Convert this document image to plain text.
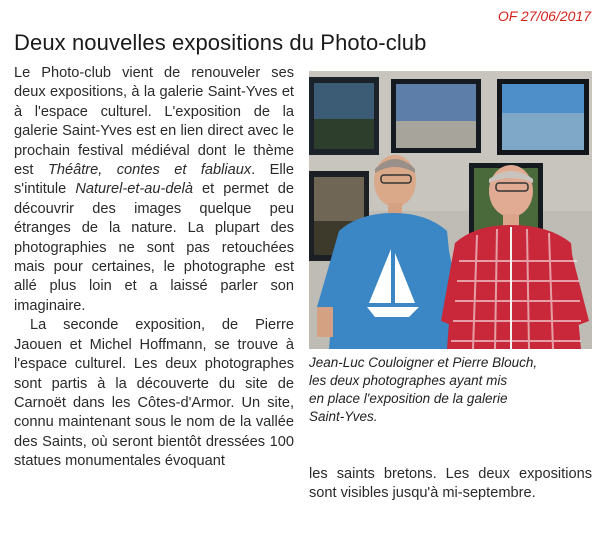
OF 27/06/2017
Deux nouvelles expositions du Photo-club

Le Photo-club vient de renouveler ses deux expositions, à la galerie Saint-Yves et à l'espace culturel. L'exposition de la galerie Saint-Yves est en lien direct avec le prochain festival médiéval dont le thème est Théâtre, contes et fabliaux. Elle s'intitule Naturel-et-au-delà et permet de découvrir des images quelque peu étranges de la nature. La plupart des photographies ne sont pas retouchées mais pour certaines, le photographe est allé plus loin et a laissé parler son imaginaire.

La seconde exposition, de Pierre Jaouen et Michel Hoffmann, se trouve à l'espace culturel. Les deux photographes sont partis à la découverte du site de Carnoët dans les Côtes-d'Armor. Un site, connu maintenant sous le nom de la vallée des Saints, où seront bientôt dressées 100 statues monumentales évoquant

Jean-Luc Couloigner et Pierre Blouch,
les deux photographes ayant mis
en place l'exposition de la galerie
Saint-Yves.

les saints bretons. Les deux expositions sont visibles jusqu'à mi-septembre.
